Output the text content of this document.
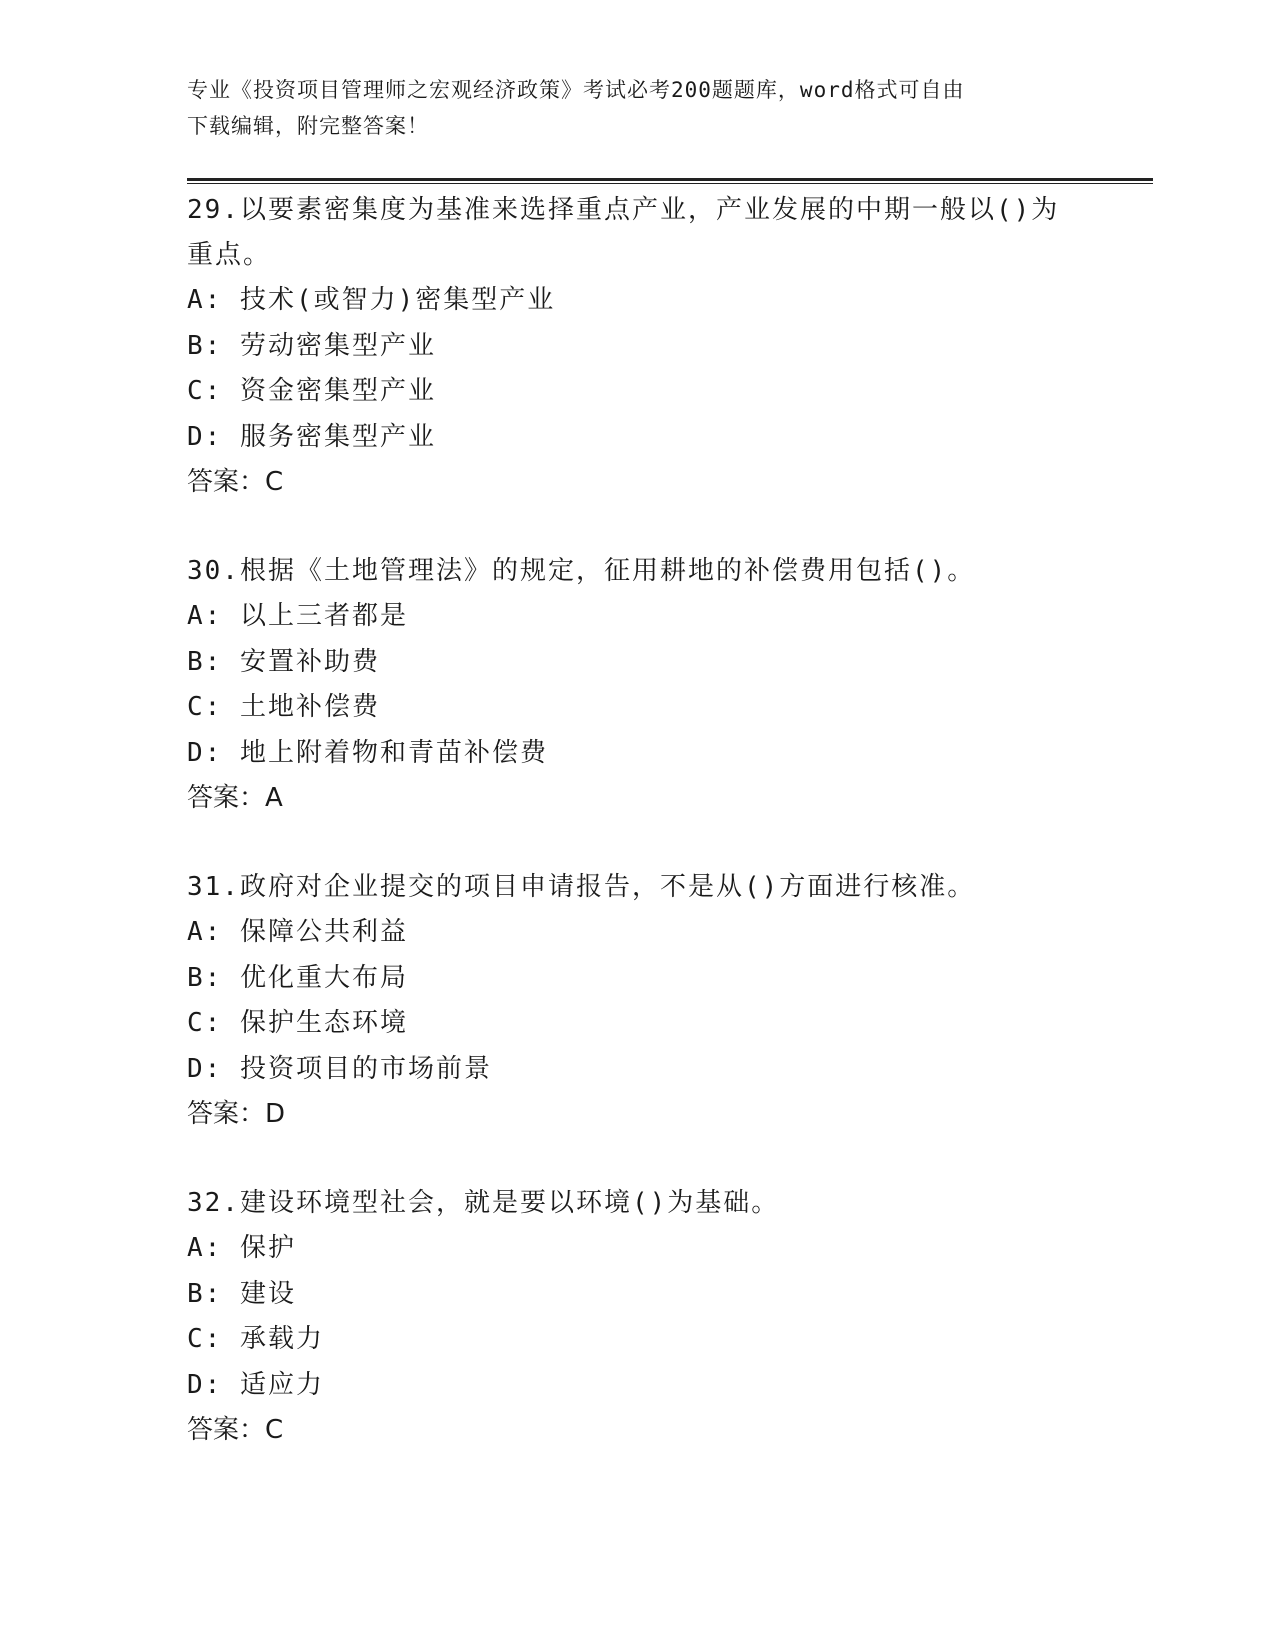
专业《投资项目管理师之宏观经济政策》考试必考200题题库，word格式可自由
下载编辑，附完整答案！
29.以要素密集度为基准来选择重点产业，产业发展的中期一般以()为重点。
A: 技术(或智力)密集型产业
B: 劳动密集型产业
C: 资金密集型产业
D: 服务密集型产业
答案：C
30.根据《土地管理法》的规定，征用耕地的补偿费用包括()。
A: 以上三者都是
B: 安置补助费
C: 土地补偿费
D: 地上附着物和青苗补偿费
答案：A
31.政府对企业提交的项目申请报告，不是从()方面进行核准。
A: 保障公共利益
B: 优化重大布局
C: 保护生态环境
D: 投资项目的市场前景
答案：D
32.建设环境型社会，就是要以环境()为基础。
A: 保护
B: 建设
C: 承载力
D: 适应力
答案：C
